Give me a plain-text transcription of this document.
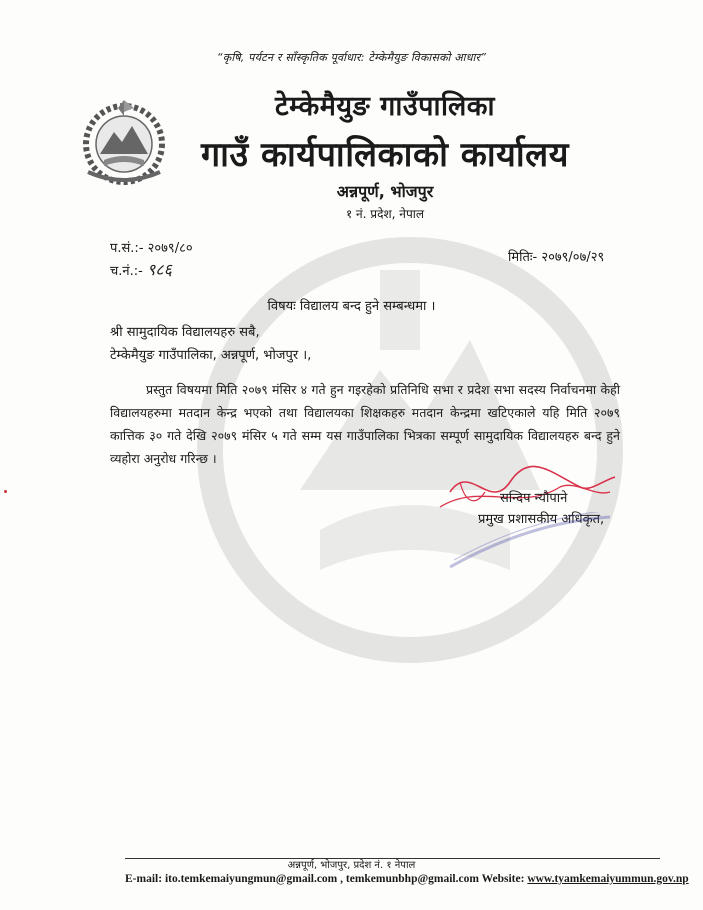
“कृषि, पर्यटन र साँस्कृतिक पूर्वाधार: टेम्केमैयुङ विकासको आधार”
टेम्केमैयुङ गाउँपालिका
गाउँ कार्यपालिकाको कार्यालय
अन्नपूर्ण, भोजपुर
१ नं. प्रदेश, नेपाल
प.सं.:- २०७९/८०
च.नं.:- ९८६
मितिः- २०७९/०७/२९
विषयः विद्यालय बन्द हुने सम्बन्धमा ।
श्री सामुदायिक विद्यालयहरु सबै,
टेम्केमैयुङ गाउँपालिका, अन्नपूर्ण, भोजपुर ।,
प्रस्तुत विषयमा मिति २०७९ मंसिर ४ गते हुन गइरहेको प्रतिनिधि सभा र प्रदेश सभा सदस्य निर्वाचनमा केही विद्यालयहरुमा मतदान केन्द्र भएको तथा विद्यालयका शिक्षकहरु मतदान केन्द्रमा खटिएकाले यहि मिति २०७९ कात्तिक ३० गते देखि २०७९ मंसिर ५ गते सम्म यस गाउँपालिका भित्रका सम्पूर्ण सामुदायिक विद्यालयहरु बन्द हुने व्यहोरा अनुरोध गरिन्छ ।
सन्दिप न्यौपाने
प्रमुख प्रशासकीय अधिकृत,
अन्नपूर्ण, भोजपुर, प्रदेश नं. १ नेपाल
E-mail: ito.temkemaiyungmun@gmail.com , temkemunbhp@gmail.com Website: www.tyamkemaiyummun.gov.np
